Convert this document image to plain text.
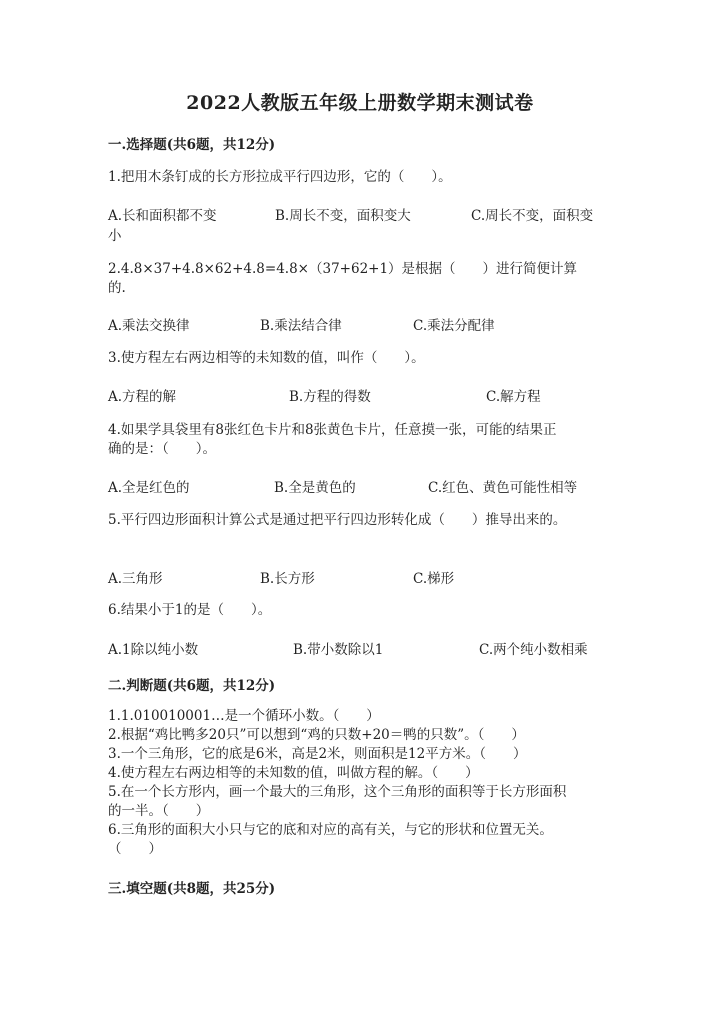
2022人教版五年级上册数学期末测试卷
一.选择题(共6题，共12分)
1.把用木条钉成的长方形拉成平行四边形，它的（　　）。
A.长和面积都不变	B.周长不变，面积变大	C.周长不变，面积变
小
2.4.8×37+4.8×62+4.8=4.8×（37+62+1）是根据（　　）进行简便计算
的.
A.乘法交换律	B.乘法结合律	C.乘法分配律
3.使方程左右两边相等的未知数的值，叫作（　　）。
A.方程的解	B.方程的得数	C.解方程
4.如果学具袋里有8张红色卡片和8张黄色卡片，任意摸一张，可能的结果正
确的是：（　　）。
A.全是红色的	B.全是黄色的	C.红色、黄色可能性相等
5.平行四边形面积计算公式是通过把平行四边形转化成（　　）推导出来的。
A.三角形	B.长方形	C.梯形
6.结果小于1的是（　　）。
A.1除以纯小数	B.带小数除以1	C.两个纯小数相乘
二.判断题(共6题，共12分)
1.1.010010001…是一个循环小数。（　　）
2.根据“鸡比鸭多20只”可以想到“鸡的只数+20＝鸭的只数”。（　　）
3.一个三角形，它的底是6米，高是2米，则面积是12平方米。（　　）
4.使方程左右两边相等的未知数的值，叫做方程的解。（　　）
5.在一个长方形内，画一个最大的三角形，这个三角形的面积等于长方形面积
的一半。（　　）
6.三角形的面积大小只与它的底和对应的高有关，与它的形状和位置无关。
（　　）
三.填空题(共8题，共25分)
